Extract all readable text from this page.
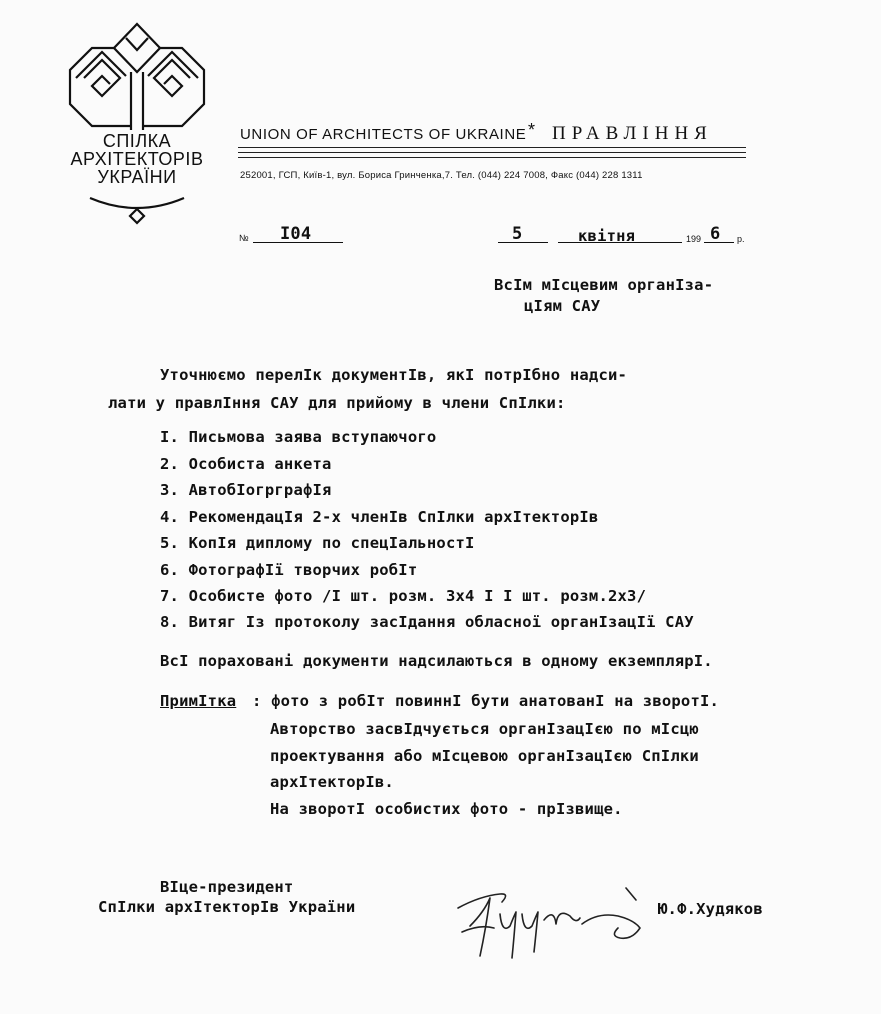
СПІЛКА
АРХІТЕКТОРІВ
УКРАЇНИ
UNION OF ARCHITECTS OF UKRAINE * ПРАВЛІННЯ
252001, ГСП, Київ-1, вул. Бориса Гринченка,7. Тел. (044) 224 7008, Факс (044) 228 1311
№ I04	5	квітня	199 6 р.
ВсІм мІсцевим органІза-
цІям САУ
Уточнюємо перелІк документІв, якІ потрІбно надси-
лати у правлІння САУ для прийому в члени СпІлки:
I. Письмова заява вступаючого
2. Особиста анкета
3. АвтобІогрграфІя
4. РекомендацІя 2-х членІв СпІлки архІтекторІв
5. КопІя диплому по спецІальностІ
6. ФотографІї творчих робІт
7. Особисте фото /I шт. розм. 3х4 I I шт. розм.2х3/
8. Витяг Із протоколу засІдання обласної органІзацІї САУ
ВсІ пораховані документи надсилаються в одному екземплярІ.
ПримІтка : фото з робІт повиннІ бути анатованІ на зворотІ.
Авторство засвІдчується органІзацІєю по мІсцю
проектування або мІсцевою органІзацІєю СпІлки
архІтекторІв.
На зворотІ особистих фото - прІзвище.
ВІце-президент
СпІлки архІтекторІв України	Ю.Ф.Худяков
